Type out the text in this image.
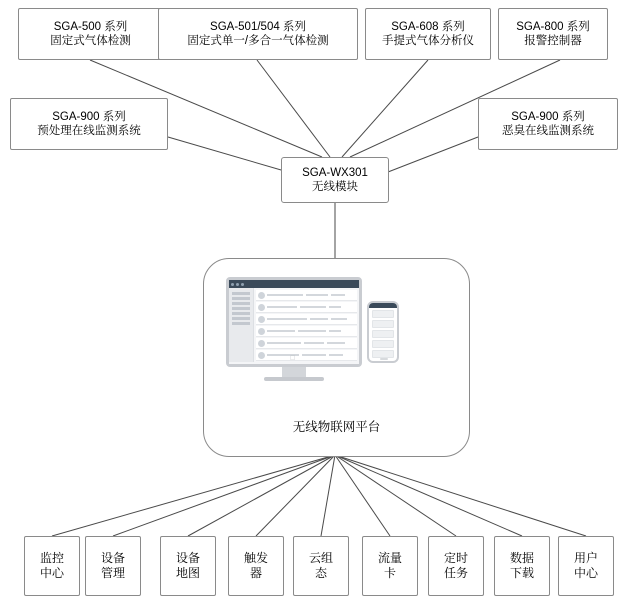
SGA-500 系列
固定式气体检测
SGA-501/504 系列
固定式单一/多合一气体检测
SGA-608 系列
手提式气体分析仪
SGA-800 系列
报警控制器
SGA-900 系列
预处理在线监测系统
SGA-900 系列
恶臭在线监测系统
SGA-WX301
无线模块
无线物联网平台
监控
中心
设备
管理
设备
地图
触发
器
云组
态
流量
卡
定时
任务
数据
下载
用户
中心
